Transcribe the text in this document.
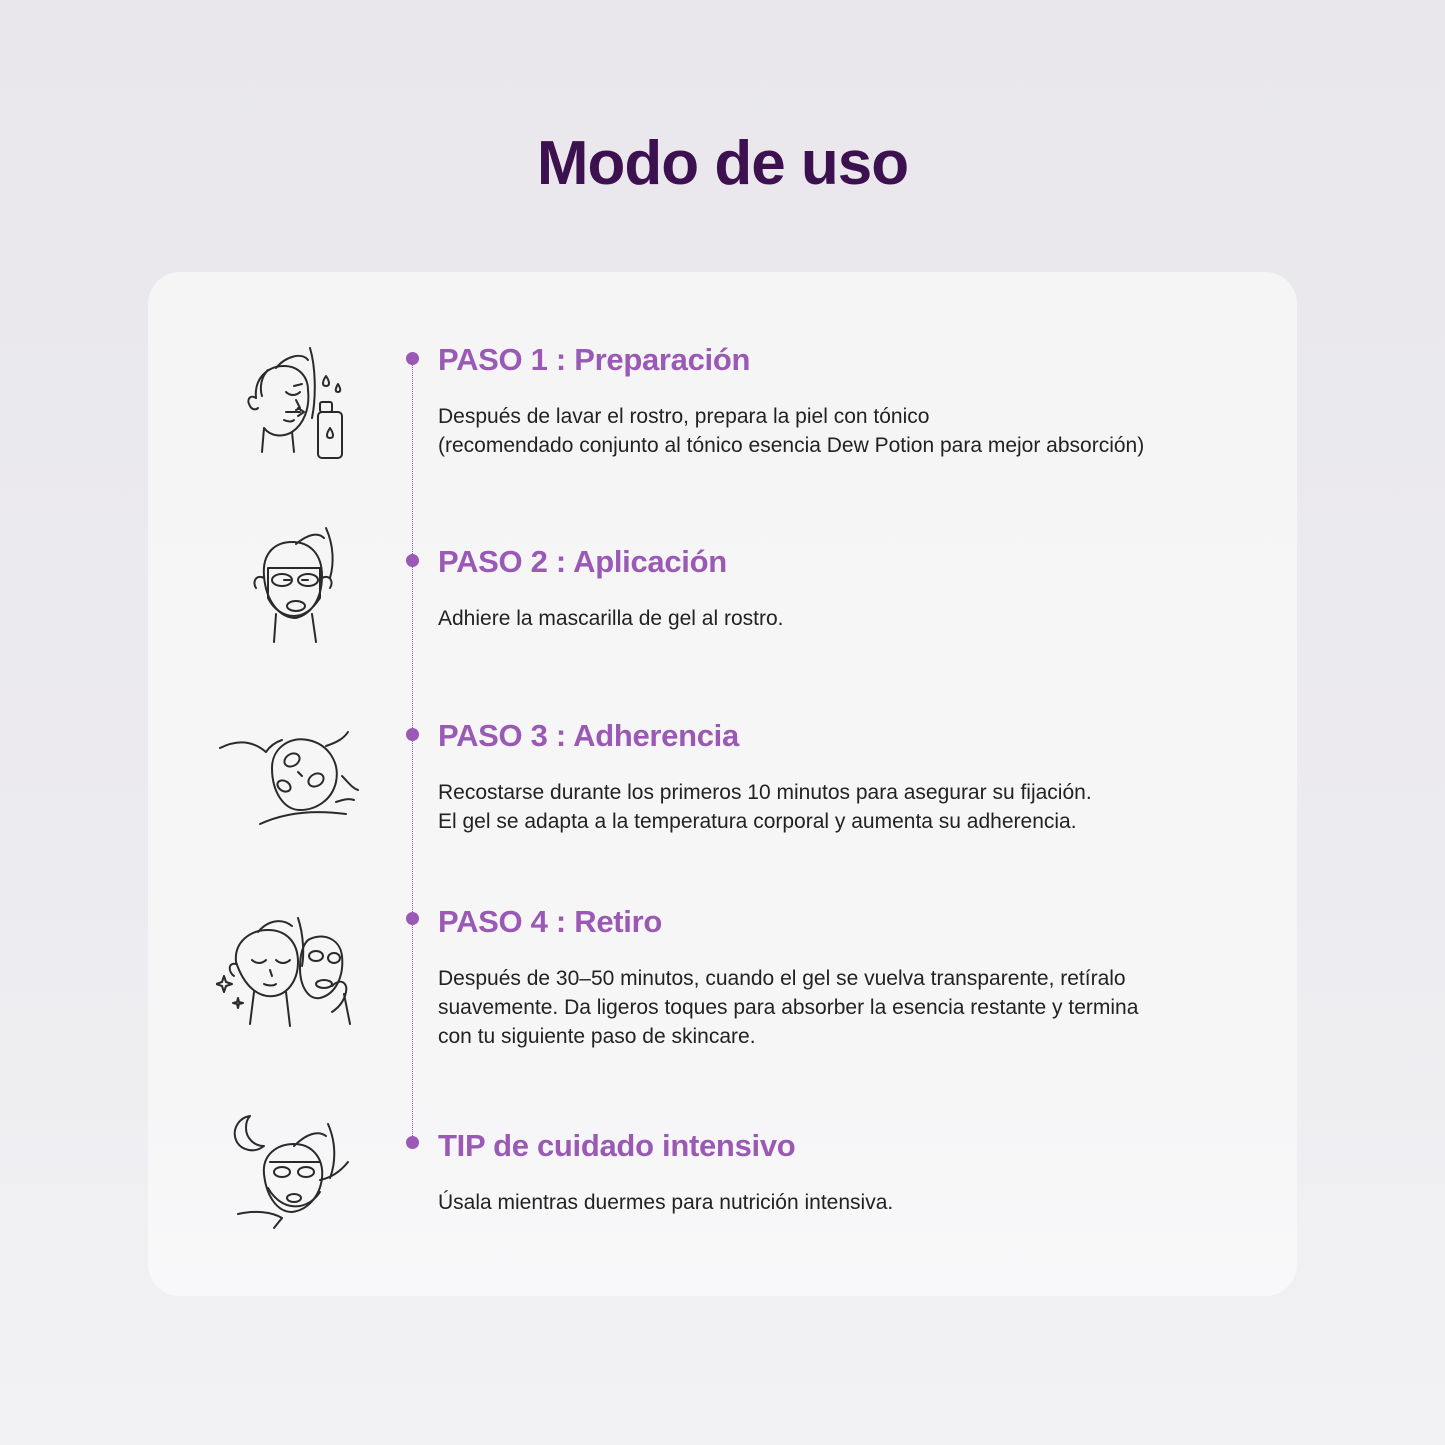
Modo de uso
PASO 1 : Preparación
Después de lavar el rostro, prepara la piel con tónico
(recomendado conjunto al tónico esencia Dew Potion para mejor absorción)
PASO 2 : Aplicación
Adhiere la mascarilla de gel al rostro.
PASO 3 : Adherencia
Recostarse durante los primeros 10 minutos para asegurar su fijación.
El gel se adapta a la temperatura corporal y aumenta su adherencia.
PASO 4 : Retiro
Después de 30–50 minutos, cuando el gel se vuelva transparente, retíralo
suavemente. Da ligeros toques para absorber la esencia restante y termina
con tu siguiente paso de skincare.
TIP de cuidado intensivo
Úsala mientras duermes para nutrición intensiva.
